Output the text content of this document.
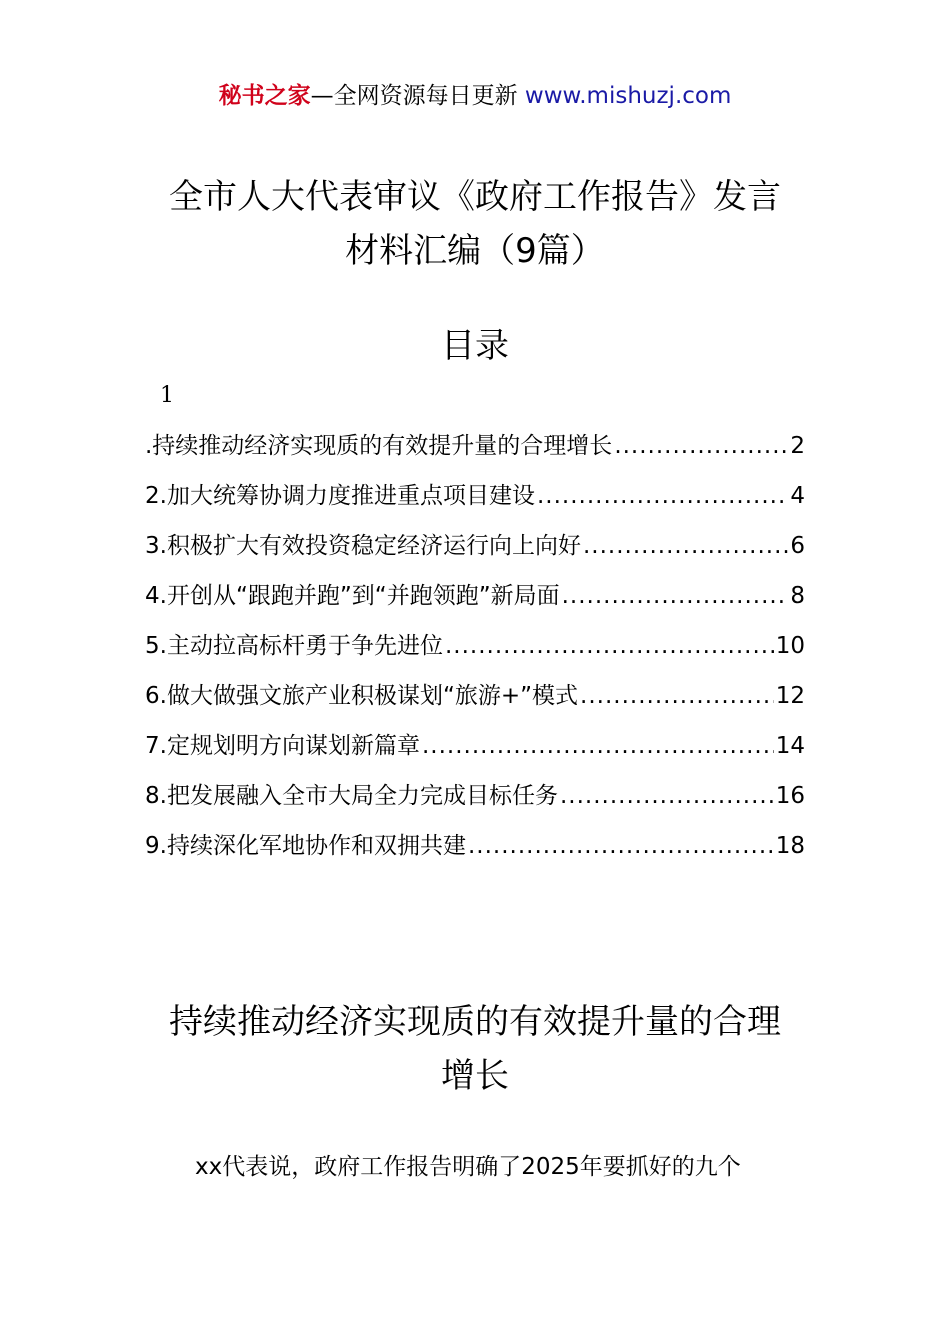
秘书之家—全网资源每日更新 www.mishuzj.com
全市人大代表审议《政府工作报告》发言
材料汇编（9篇）
目录
1
.持续推动经济实现质的有效提升量的合理增长 .....	2
2.加大统筹协调力度推进重点项目建设 .....	4
3.积极扩大有效投资稳定经济运行向上向好 .....	6
4.开创从“跟跑并跑”到“并跑领跑”新局面 .....	8
5.主动拉高标杆勇于争先进位 .....	10
6.做大做强文旅产业积极谋划“旅游+”模式 .....	12
7.定规划明方向谋划新篇章 .....	14
8.把发展融入全市大局全力完成目标任务 .....	16
9.持续深化军地协作和双拥共建 .....	18
持续推动经济实现质的有效提升量的合理
增长
xx代表说，政府工作报告明确了2025年要抓好的九个
